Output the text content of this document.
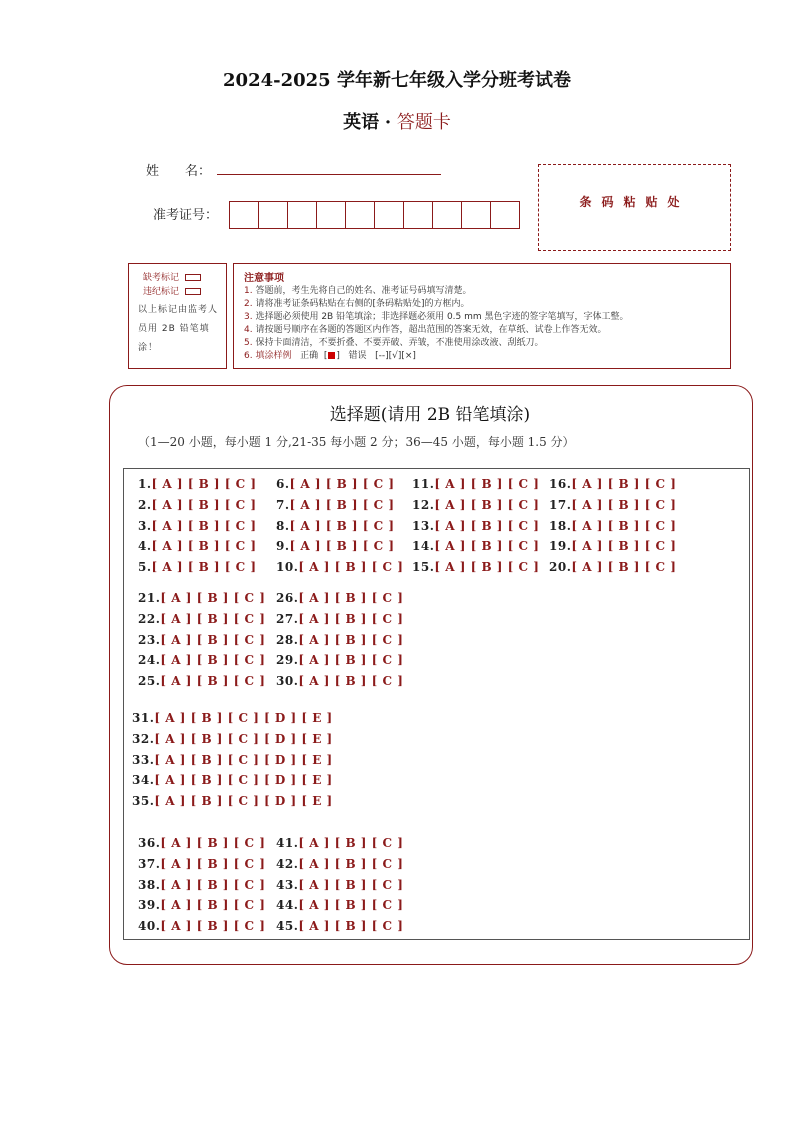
2024-2025 学年新七年级入学分班考试卷
英语 · 答题卡
姓　　名：
准考证号：
条码粘贴处
缺考标记
违纪标记
以上标记由监考人员用 2B 铅笔填涂！
注意事项
6. 填涂样例 正确 [ ] 错误 [--][√][×]
1. 答题前，考生先将自己的姓名、准考证号码填写清楚。
2. 请将准考证条码粘贴在右侧的[条码粘贴处]的方框内。
3. 选择题必须使用 2B 铅笔填涂；非选择题必须用 0.5 mm 黑色字迹的签字笔填写，字体工整。
4. 请按题号顺序在各题的答题区内作答，超出范围的答案无效，在草纸、试卷上作答无效。
5. 保持卡面清洁，不要折叠、不要弄破、弄皱，不准使用涂改液、刮纸刀。
选择题(请用 2B 铅笔填涂)
（1—20 小题，每小题 1 分,21-35 每小题 2 分；36—45 小题，每小题 1.5 分）
1.[ A ] [ B ] [ C ]
2.[ A ] [ B ] [ C ]
3.[ A ] [ B ] [ C ]
4.[ A ] [ B ] [ C ]
5.[ A ] [ B ] [ C ]
6.[ A ] [ B ] [ C ]
7.[ A ] [ B ] [ C ]
8.[ A ] [ B ] [ C ]
9.[ A ] [ B ] [ C ]
10.[ A ] [ B ] [ C ]
11.[ A ] [ B ] [ C ]
12.[ A ] [ B ] [ C ]
13.[ A ] [ B ] [ C ]
14.[ A ] [ B ] [ C ]
15.[ A ] [ B ] [ C ]
16.[ A ] [ B ] [ C ]
17.[ A ] [ B ] [ C ]
18.[ A ] [ B ] [ C ]
19.[ A ] [ B ] [ C ]
20.[ A ] [ B ] [ C ]
21.[ A ] [ B ] [ C ]
22.[ A ] [ B ] [ C ]
23.[ A ] [ B ] [ C ]
24.[ A ] [ B ] [ C ]
25.[ A ] [ B ] [ C ]
26.[ A ] [ B ] [ C ]
27.[ A ] [ B ] [ C ]
28.[ A ] [ B ] [ C ]
29.[ A ] [ B ] [ C ]
30.[ A ] [ B ] [ C ]
31.[ A ] [ B ] [ C ] [ D ] [ E ]
32.[ A ] [ B ] [ C ] [ D ] [ E ]
33.[ A ] [ B ] [ C ] [ D ] [ E ]
34.[ A ] [ B ] [ C ] [ D ] [ E ]
35.[ A ] [ B ] [ C ] [ D ] [ E ]
36.[ A ] [ B ] [ C ]
37.[ A ] [ B ] [ C ]
38.[ A ] [ B ] [ C ]
39.[ A ] [ B ] [ C ]
40.[ A ] [ B ] [ C ]
41.[ A ] [ B ] [ C ]
42.[ A ] [ B ] [ C ]
43.[ A ] [ B ] [ C ]
44.[ A ] [ B ] [ C ]
45.[ A ] [ B ] [ C ]
